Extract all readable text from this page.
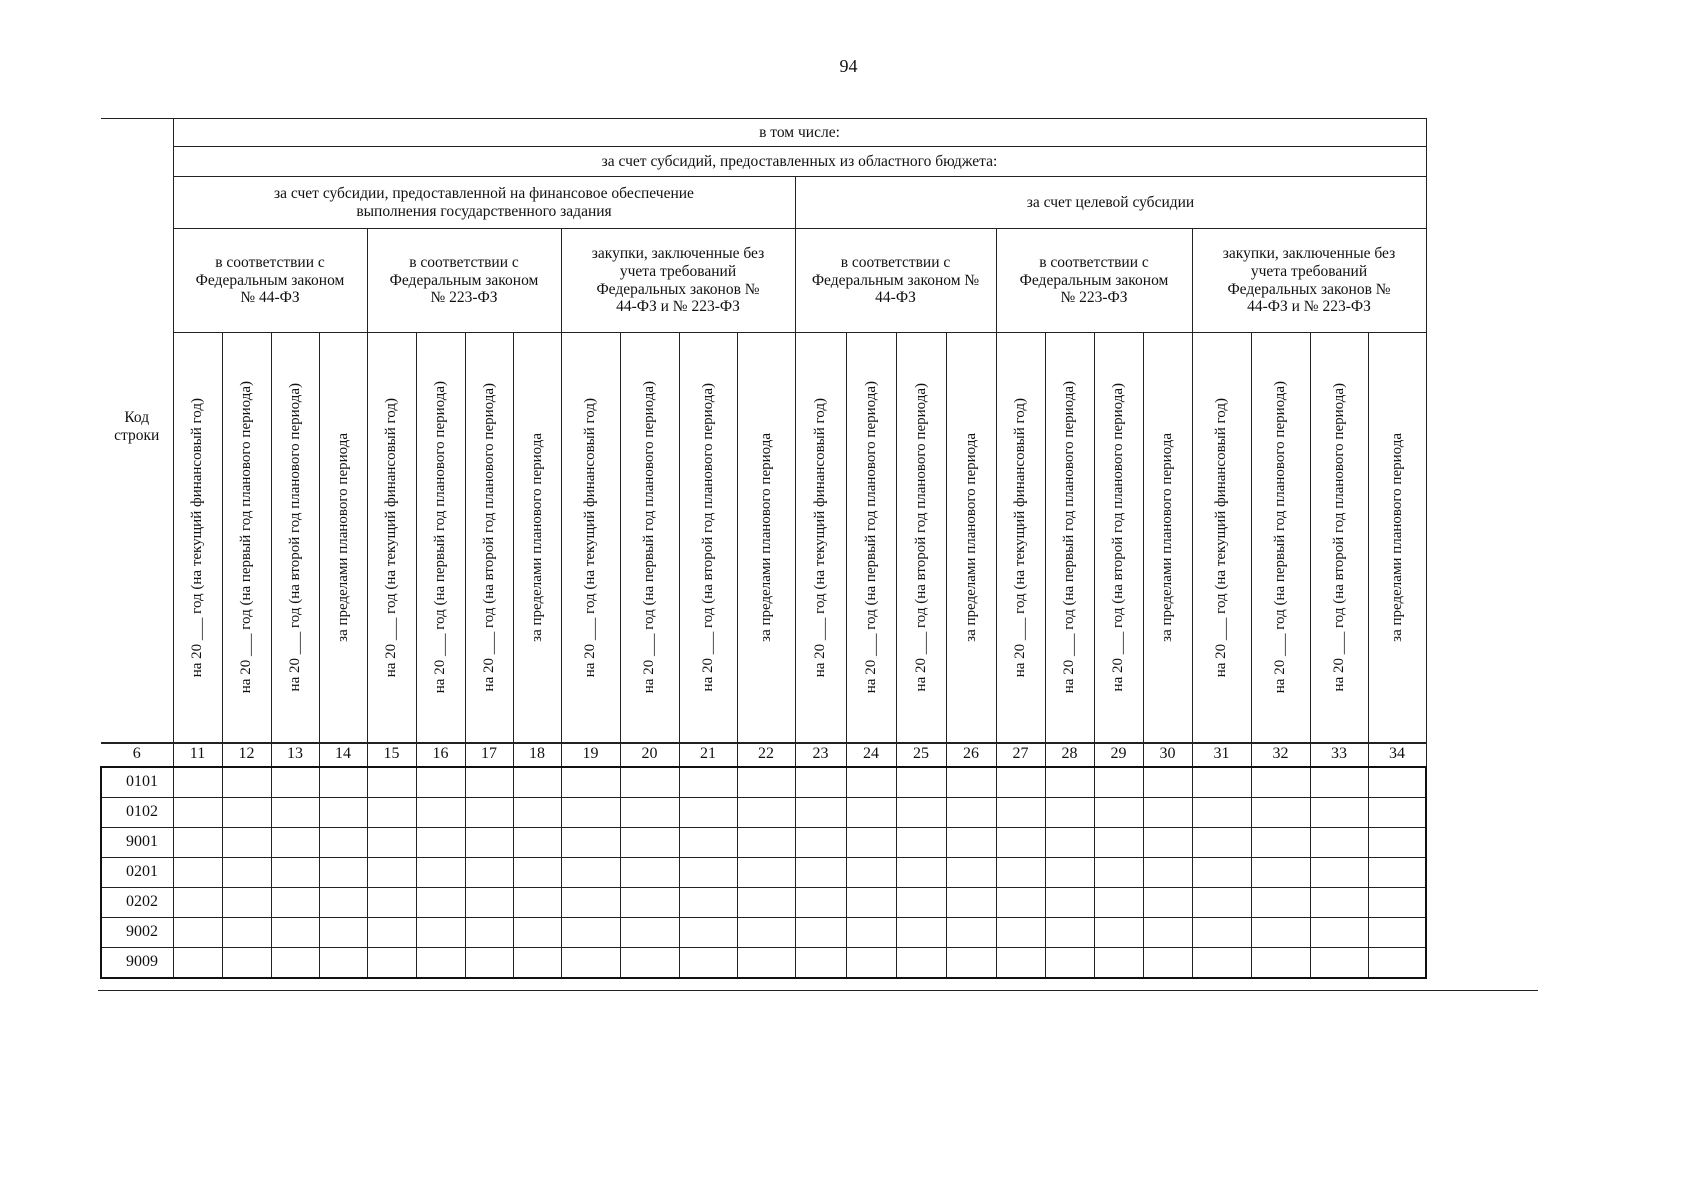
94
Код строки	в том числе:																							
	за счет субсидий, предоставленных из областного бюджета:																							
	за счет субсидии, предоставленной на финансовое обеспечение выполнения государственного задания												за счет целевой субсидии											
	в соответствии с Федеральным законом № 44-ФЗ				в соответствии с Федеральным законом № 223-ФЗ				закупки, заключенные без учета требований Федеральных законов № 44-ФЗ и № 223-ФЗ				в соответствии с Федеральным законом № 44-ФЗ				в соответствии с Федеральным законом № 223-ФЗ				закупки, заключенные без учета требований Федеральных законов № 44-ФЗ и № 223-ФЗ			

	на 20 ___ год (на текущий финансовый год)	на 20 ___ год (на первый год планового периода)	на 20 ___ год (на второй год планового периода)	за пределами планового периода	на 20 ___ год (на текущий финансовый год)	на 20 ___ год (на первый год планового периода)	на 20 ___ год (на второй год планового периода)	за пределами планового периода	на 20 ___ год (на текущий финансовый год)	на 20 ___ год (на первый год планового периода)	на 20 ___ год (на второй год планового периода)	за пределами планового периода	на 20 ___ год (на текущий финансовый год)	на 20 ___ год (на первый год планового периода)	на 20 ___ год (на второй год планового периода)	за пределами планового периода	на 20 ___ год (на текущий финансовый год)	на 20 ___ год (на первый год планового периода)	на 20 ___ год (на второй год планового периода)	за пределами планового периода	на 20 ___ год (на текущий финансовый год)	на 20 ___ год (на первый год планового периода)	на 20 ___ год (на второй год планового периода)	за пределами планового периода

6	11	12	13	14	15	16	17	18	19	20	21	22	23	24	25	26	27	28	29	30	31	32	33	34
0101																								
0102																								
9001																								
0201																								
0202																								
9002																								
9009																								
